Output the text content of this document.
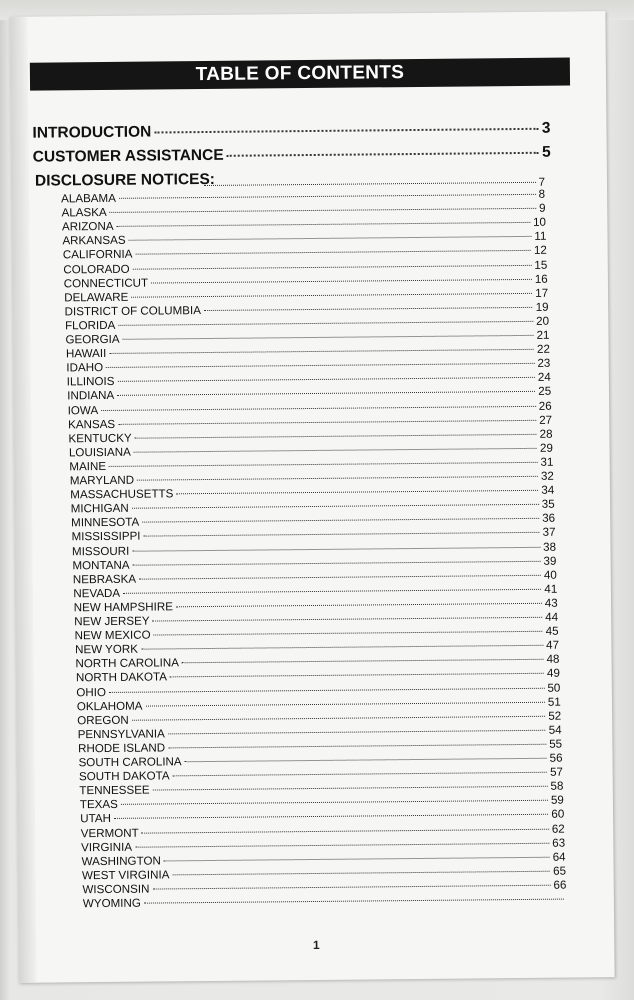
TABLE OF CONTENTS
INTRODUCTION	3
CUSTOMER ASSISTANCE	5
DISCLOSURE NOTICES:	7
ALABAMA	8
ALASKA	9
ARIZONA	10
ARKANSAS	11
CALIFORNIA	12
COLORADO	15
CONNECTICUT	16
DELAWARE	17
DISTRICT OF COLUMBIA	19
FLORIDA	20
GEORGIA	21
HAWAII	22
IDAHO	23
ILLINOIS	24
INDIANA	25
IOWA	26
KANSAS	27
KENTUCKY	28
LOUISIANA	29
MAINE	31
MARYLAND	32
MASSACHUSETTS	34
MICHIGAN	35
MINNESOTA	36
MISSISSIPPI	37
MISSOURI	38
MONTANA	39
NEBRASKA	40
NEVADA	41
NEW HAMPSHIRE	43
NEW JERSEY	44
NEW MEXICO	45
NEW YORK	47
NORTH CAROLINA	48
NORTH DAKOTA	49
OHIO	50
OKLAHOMA	51
OREGON	52
PENNSYLVANIA	54
RHODE ISLAND	55
SOUTH CAROLINA	56
SOUTH DAKOTA	57
TENNESSEE	58
TEXAS	59
UTAH	60
VERMONT	62
VIRGINIA	63
WASHINGTON	64
WEST VIRGINIA	65
WISCONSIN	66
WYOMING
1
